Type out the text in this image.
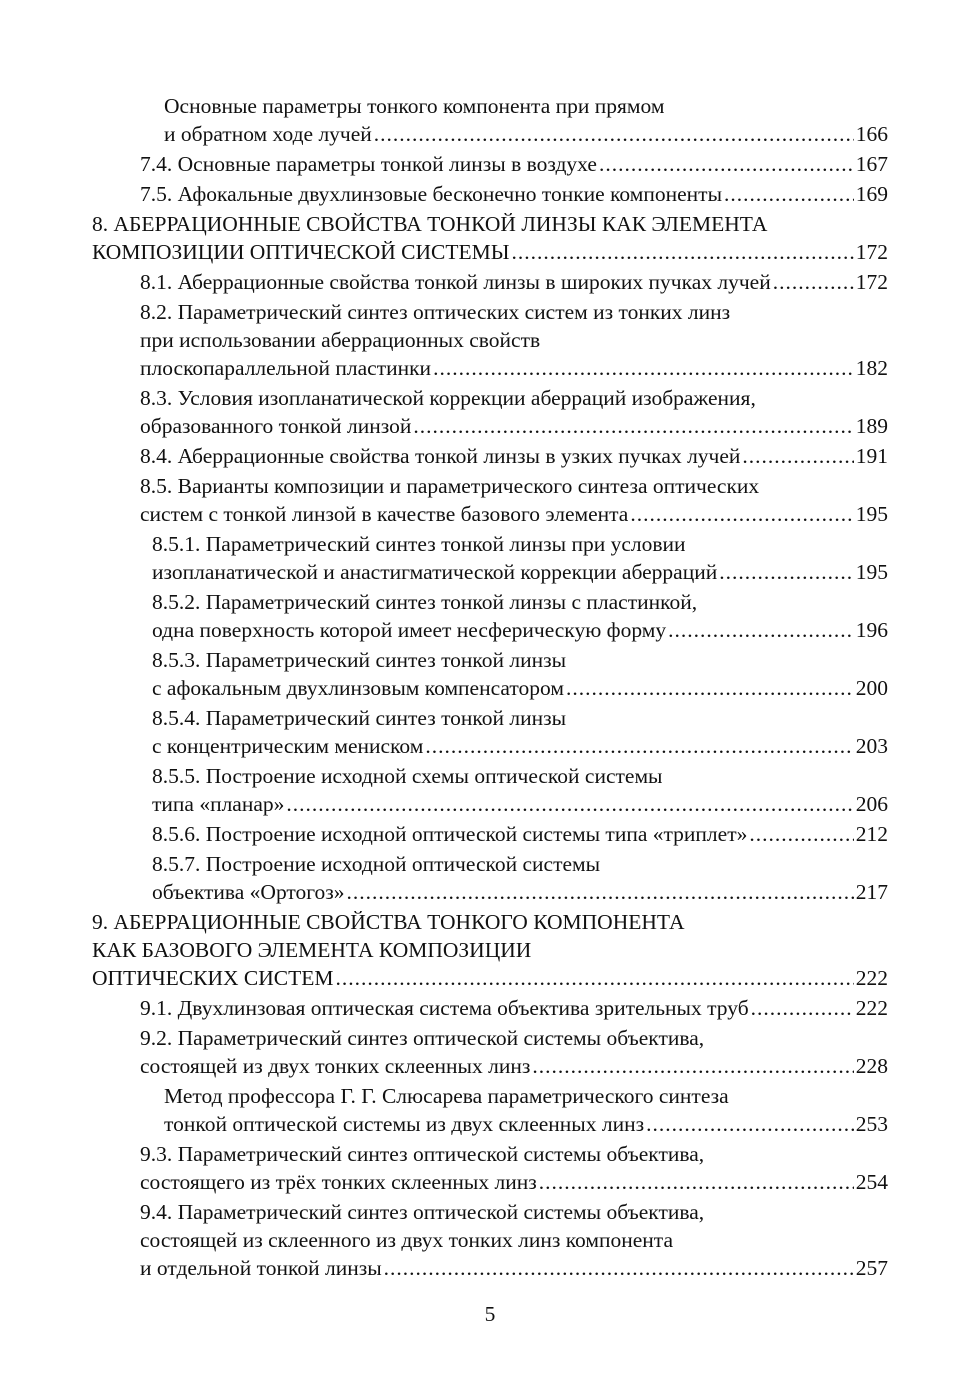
Основные параметры тонкого компонента при прямом
и обратном ходе лучей .....	166
7.4. Основные параметры тонкой линзы в воздухе .....	167
7.5. Афокальные двухлинзовые бесконечно тонкие компоненты .....	169
8. АБЕРРАЦИОННЫЕ СВОЙСТВА ТОНКОЙ ЛИНЗЫ КАК ЭЛЕМЕНТА
КОМПОЗИЦИИ ОПТИЧЕСКОЙ СИСТЕМЫ .....	172
8.1. Аберрационные свойства тонкой линзы в широких пучках лучей .....	172
8.2. Параметрический синтез оптических систем из тонких линз
при использовании аберрационных свойств
плоскопараллельной пластинки .....	182
8.3. Условия изопланатической коррекции аберраций изображения,
образованного тонкой линзой .....	189
8.4. Аберрационные свойства тонкой линзы в узких пучках лучей .....	191
8.5. Варианты композиции и параметрического синтеза оптических
систем с тонкой линзой в качестве базового элемента .....	195
8.5.1. Параметрический синтез тонкой линзы при условии
изопланатической и анастигматической коррекции аберраций .....	195
8.5.2. Параметрический синтез тонкой линзы с пластинкой,
одна поверхность которой имеет несферическую форму .....	196
8.5.3. Параметрический синтез тонкой линзы
с афокальным двухлинзовым компенсатором .....	200
8.5.4. Параметрический синтез тонкой линзы
с концентрическим мениском .....	203
8.5.5. Построение исходной схемы оптической системы
типа «планар» .....	206
8.5.6. Построение исходной оптической системы типа «триплет» .....	212
8.5.7. Построение исходной оптической системы
объектива «Ортогоз» .....	217
9. АБЕРРАЦИОННЫЕ СВОЙСТВА ТОНКОГО КОМПОНЕНТА
КАК БАЗОВОГО ЭЛЕМЕНТА КОМПОЗИЦИИ
ОПТИЧЕСКИХ СИСТЕМ .....	222
9.1. Двухлинзовая оптическая система объектива зрительных труб .....	222
9.2. Параметрический синтез оптической системы объектива,
состоящей из двух тонких склеенных линз .....	228
Метод профессора Г. Г. Слюсарева параметрического синтеза
тонкой оптической системы из двух склеенных линз .....	253
9.3. Параметрический синтез оптической системы объектива,
состоящего из трёх тонких склеенных линз .....	254
9.4. Параметрический синтез оптической системы объектива,
состоящей из склеенного из двух тонких линз компонента
и отдельной тонкой линзы .....	257
5
